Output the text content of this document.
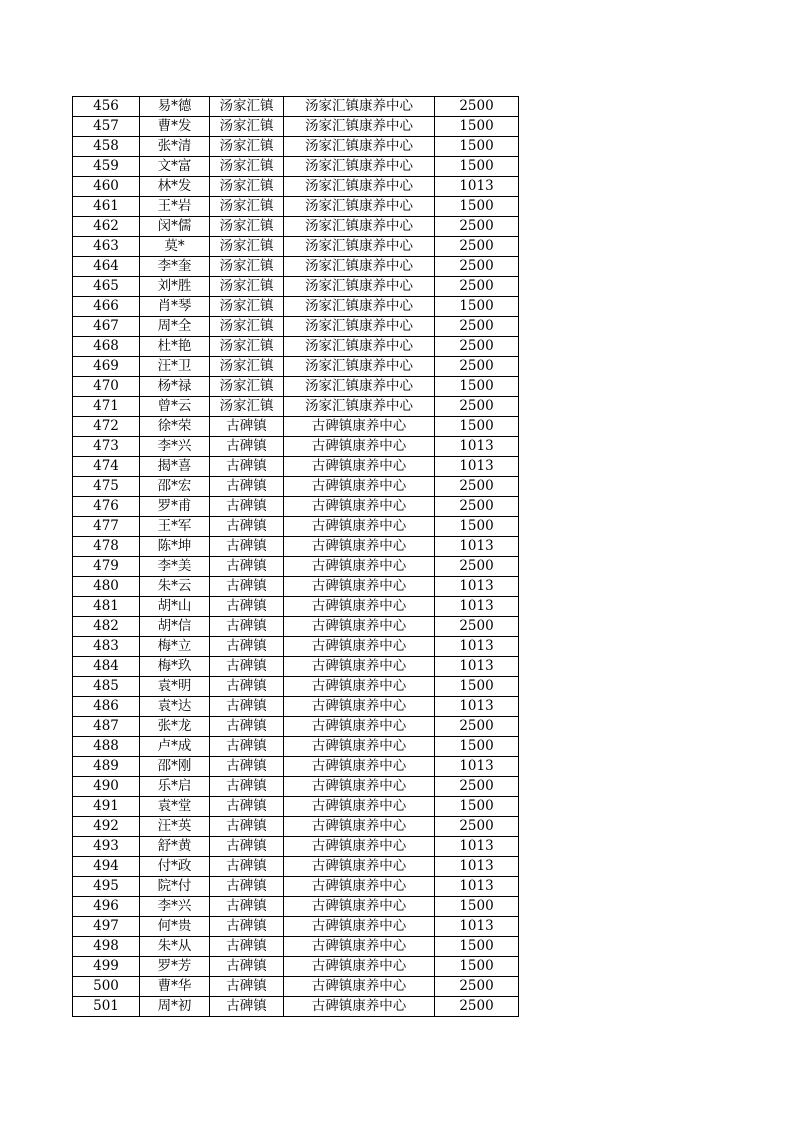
456	易*德	汤家汇镇	汤家汇镇康养中心	2500
457	曹*发	汤家汇镇	汤家汇镇康养中心	1500
458	张*清	汤家汇镇	汤家汇镇康养中心	1500
459	文*富	汤家汇镇	汤家汇镇康养中心	1500
460	林*发	汤家汇镇	汤家汇镇康养中心	1013
461	王*岩	汤家汇镇	汤家汇镇康养中心	1500
462	闵*儒	汤家汇镇	汤家汇镇康养中心	2500
463	莫*	汤家汇镇	汤家汇镇康养中心	2500
464	李*奎	汤家汇镇	汤家汇镇康养中心	2500
465	刘*胜	汤家汇镇	汤家汇镇康养中心	2500
466	肖*琴	汤家汇镇	汤家汇镇康养中心	1500
467	周*全	汤家汇镇	汤家汇镇康养中心	2500
468	杜*艳	汤家汇镇	汤家汇镇康养中心	2500
469	汪*卫	汤家汇镇	汤家汇镇康养中心	2500
470	杨*禄	汤家汇镇	汤家汇镇康养中心	1500
471	曾*云	汤家汇镇	汤家汇镇康养中心	2500
472	徐*荣	古碑镇	古碑镇康养中心	1500
473	李*兴	古碑镇	古碑镇康养中心	1013
474	揭*喜	古碑镇	古碑镇康养中心	1013
475	邵*宏	古碑镇	古碑镇康养中心	2500
476	罗*甫	古碑镇	古碑镇康养中心	2500
477	王*军	古碑镇	古碑镇康养中心	1500
478	陈*坤	古碑镇	古碑镇康养中心	1013
479	李*美	古碑镇	古碑镇康养中心	2500
480	朱*云	古碑镇	古碑镇康养中心	1013
481	胡*山	古碑镇	古碑镇康养中心	1013
482	胡*信	古碑镇	古碑镇康养中心	2500
483	梅*立	古碑镇	古碑镇康养中心	1013
484	梅*玖	古碑镇	古碑镇康养中心	1013
485	袁*明	古碑镇	古碑镇康养中心	1500
486	袁*达	古碑镇	古碑镇康养中心	1013
487	张*龙	古碑镇	古碑镇康养中心	2500
488	卢*成	古碑镇	古碑镇康养中心	1500
489	邵*刚	古碑镇	古碑镇康养中心	1013
490	乐*启	古碑镇	古碑镇康养中心	2500
491	袁*堂	古碑镇	古碑镇康养中心	1500
492	汪*英	古碑镇	古碑镇康养中心	2500
493	舒*黄	古碑镇	古碑镇康养中心	1013
494	付*政	古碑镇	古碑镇康养中心	1013
495	院*付	古碑镇	古碑镇康养中心	1013
496	李*兴	古碑镇	古碑镇康养中心	1500
497	何*贵	古碑镇	古碑镇康养中心	1013
498	朱*从	古碑镇	古碑镇康养中心	1500
499	罗*芳	古碑镇	古碑镇康养中心	1500
500	曹*华	古碑镇	古碑镇康养中心	2500
501	周*初	古碑镇	古碑镇康养中心	2500
